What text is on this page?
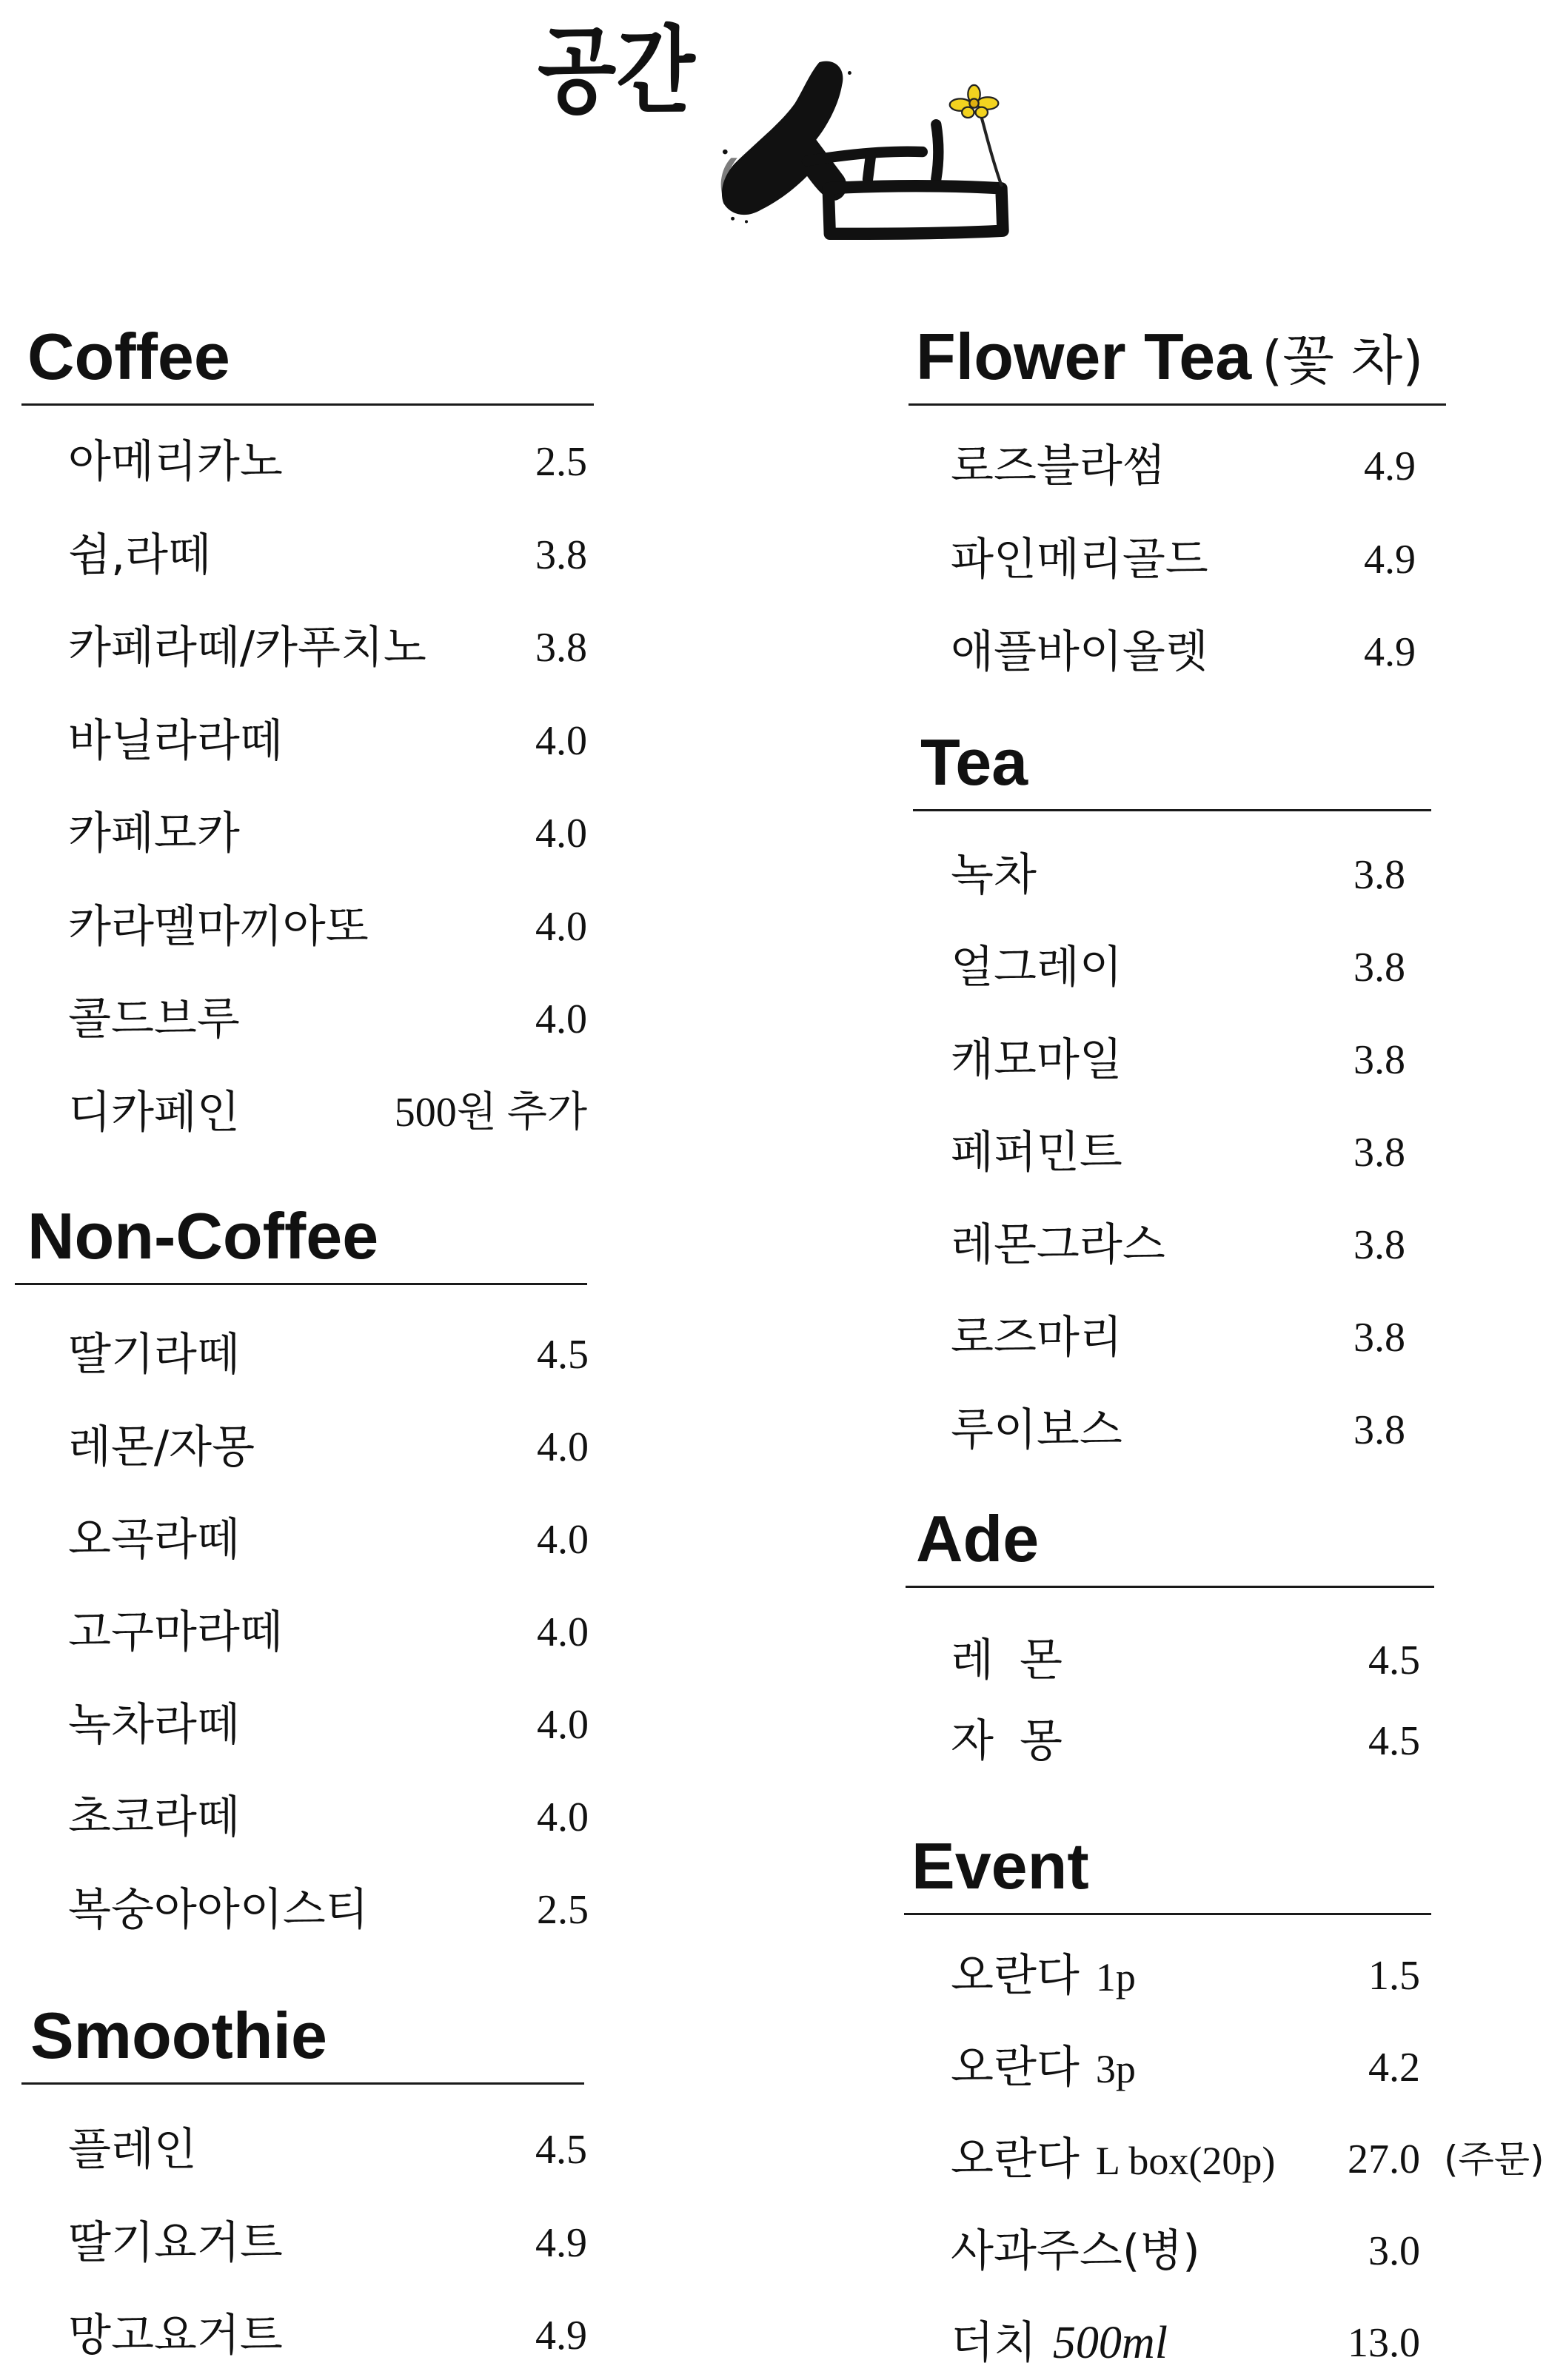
공간
Coffee
아메리카노	2.5
쉼,라떼	3.8
카페라떼/카푸치노	3.8
바닐라라떼	4.0
카페모카	4.0
카라멜마끼아또	4.0
콜드브루	4.0
디카페인	500원 추가
Non-Coffee
딸기라떼	4.5
레몬/자몽	4.0
오곡라떼	4.0
고구마라떼	4.0
녹차라떼	4.0
초코라떼	4.0
복숭아아이스티	2.5
Smoothie
플레인	4.5
딸기요거트	4.9
망고요거트	4.9
Flower Tea (꽃 차)
로즈블라썸	4.9
파인메리골드	4.9
애플바이올렛	4.9
Tea
녹차	3.8
얼그레이	3.8
캐모마일	3.8
페퍼민트	3.8
레몬그라스	3.8
로즈마리	3.8
루이보스	3.8
Ade
레 몬	4.5
자 몽	4.5
Event
오란다 1p	1.5
오란다 3p	4.2
오란다 L box(20p) 27.0 (주문)
사과주스(병)	3.0
더치 500ml	13.0
